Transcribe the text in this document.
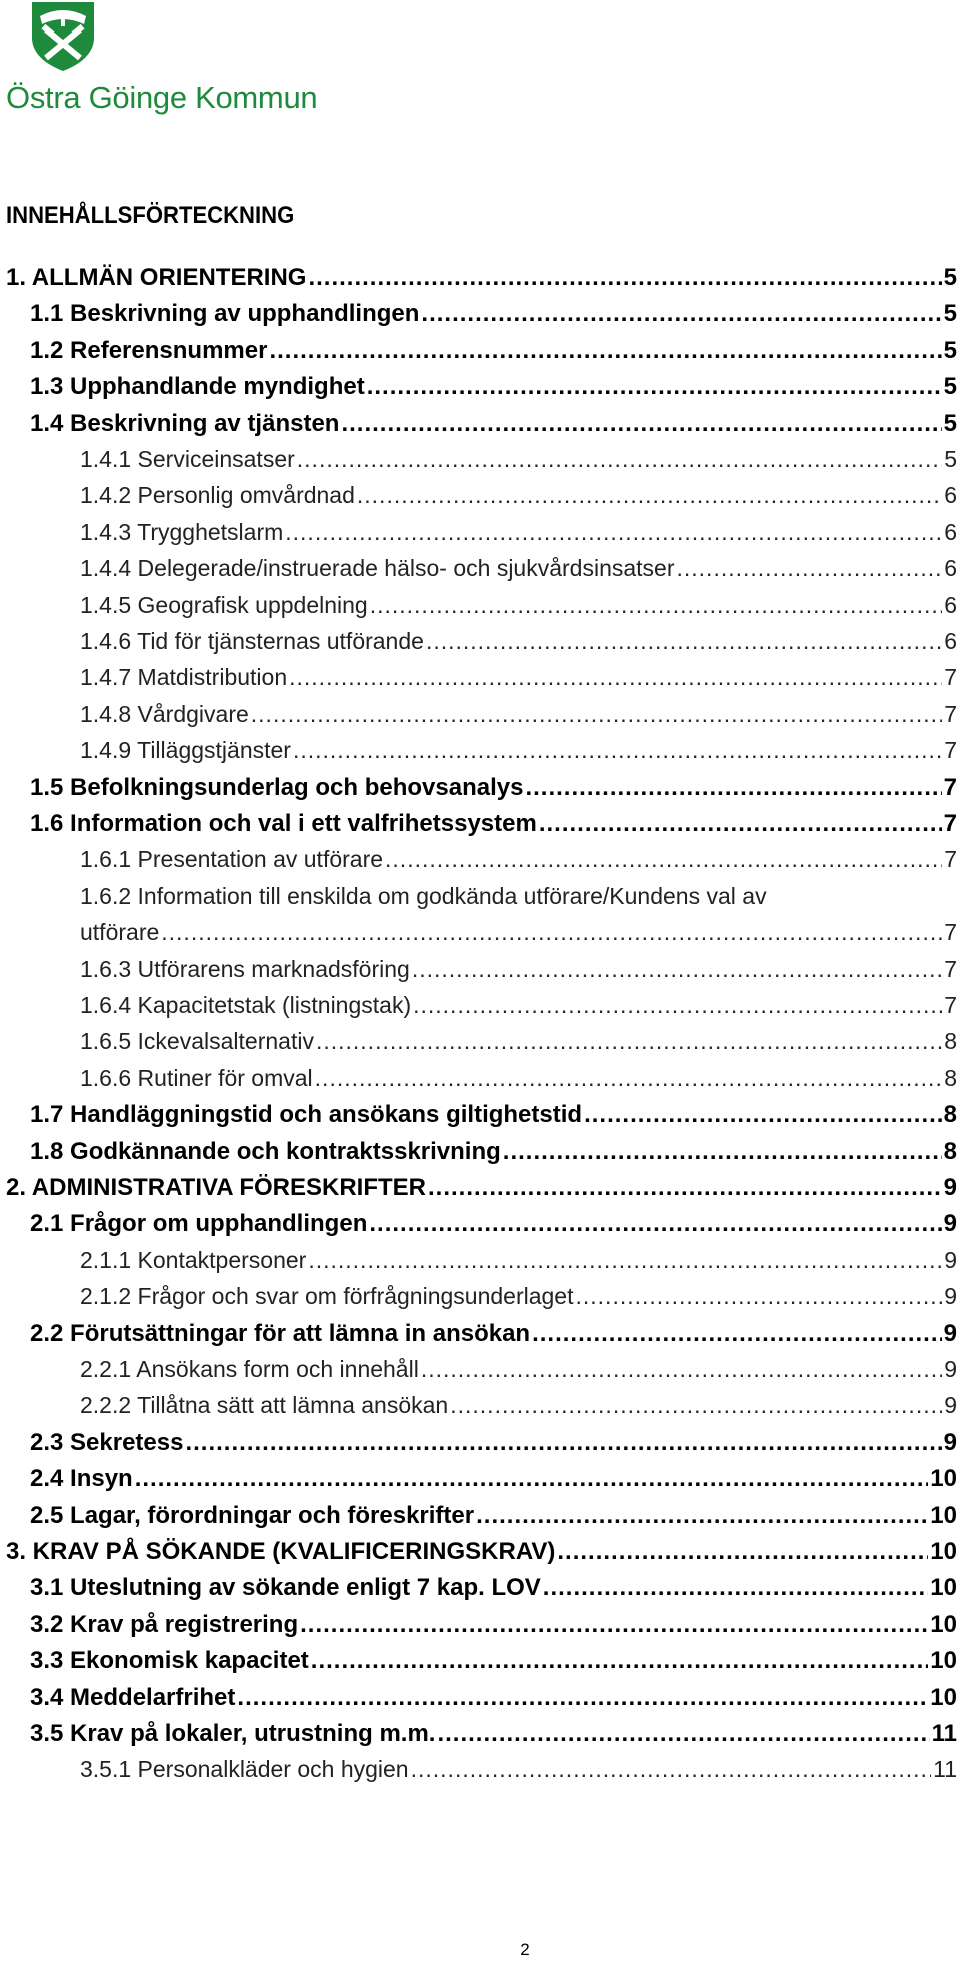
Östra Göinge Kommun
INNEHÅLLSFÖRTECKNING
1. ALLMÄN ORIENTERING .....	5
1.1 Beskrivning av upphandlingen .....	5
1.2 Referensnummer .....	5
1.3 Upphandlande myndighet .....	5
1.4 Beskrivning av tjänsten .....	5
1.4.1 Serviceinsatser .....	5
1.4.2 Personlig omvårdnad .....	6
1.4.3 Trygghetslarm .....	6
1.4.4 Delegerade/instruerade hälso- och sjukvårdsinsatser .....	6
1.4.5 Geografisk uppdelning .....	6
1.4.6 Tid för tjänsternas utförande .....	6
1.4.7 Matdistribution .....	7
1.4.8 Vårdgivare .....	7
1.4.9 Tilläggstjänster .....	7
1.5 Befolkningsunderlag och behovsanalys .....	7
1.6 Information och val i ett valfrihetssystem .....	7
1.6.1 Presentation av utförare .....	7
1.6.2 Information till enskilda om godkända utförare/Kundens val av
utförare .....	7
1.6.3 Utförarens marknadsföring .....	7
1.6.4 Kapacitetstak (listningstak) .....	7
1.6.5 Ickevalsalternativ .....	8
1.6.6 Rutiner för omval .....	8
1.7 Handläggningstid och ansökans giltighetstid .....	8
1.8 Godkännande och kontraktsskrivning .....	8
2. ADMINISTRATIVA FÖRESKRIFTER .....	9
2.1 Frågor om upphandlingen .....	9
2.1.1 Kontaktpersoner .....	9
2.1.2 Frågor och svar om förfrågningsunderlaget .....	9
2.2 Förutsättningar för att lämna in ansökan .....	9
2.2.1 Ansökans form och innehåll .....	9
2.2.2 Tillåtna sätt att lämna ansökan .....	9
2.3 Sekretess .....	9
2.4 Insyn .....	10
2.5 Lagar, förordningar och föreskrifter .....	10
3. KRAV PÅ SÖKANDE (KVALIFICERINGSKRAV) .....	10
3.1 Uteslutning av sökande enligt 7 kap. LOV .....	10
3.2 Krav på registrering .....	10
3.3 Ekonomisk kapacitet .....	10
3.4 Meddelarfrihet .....	10
3.5 Krav på lokaler, utrustning m.m. .....	11
3.5.1 Personalkläder och hygien .....	11
2
